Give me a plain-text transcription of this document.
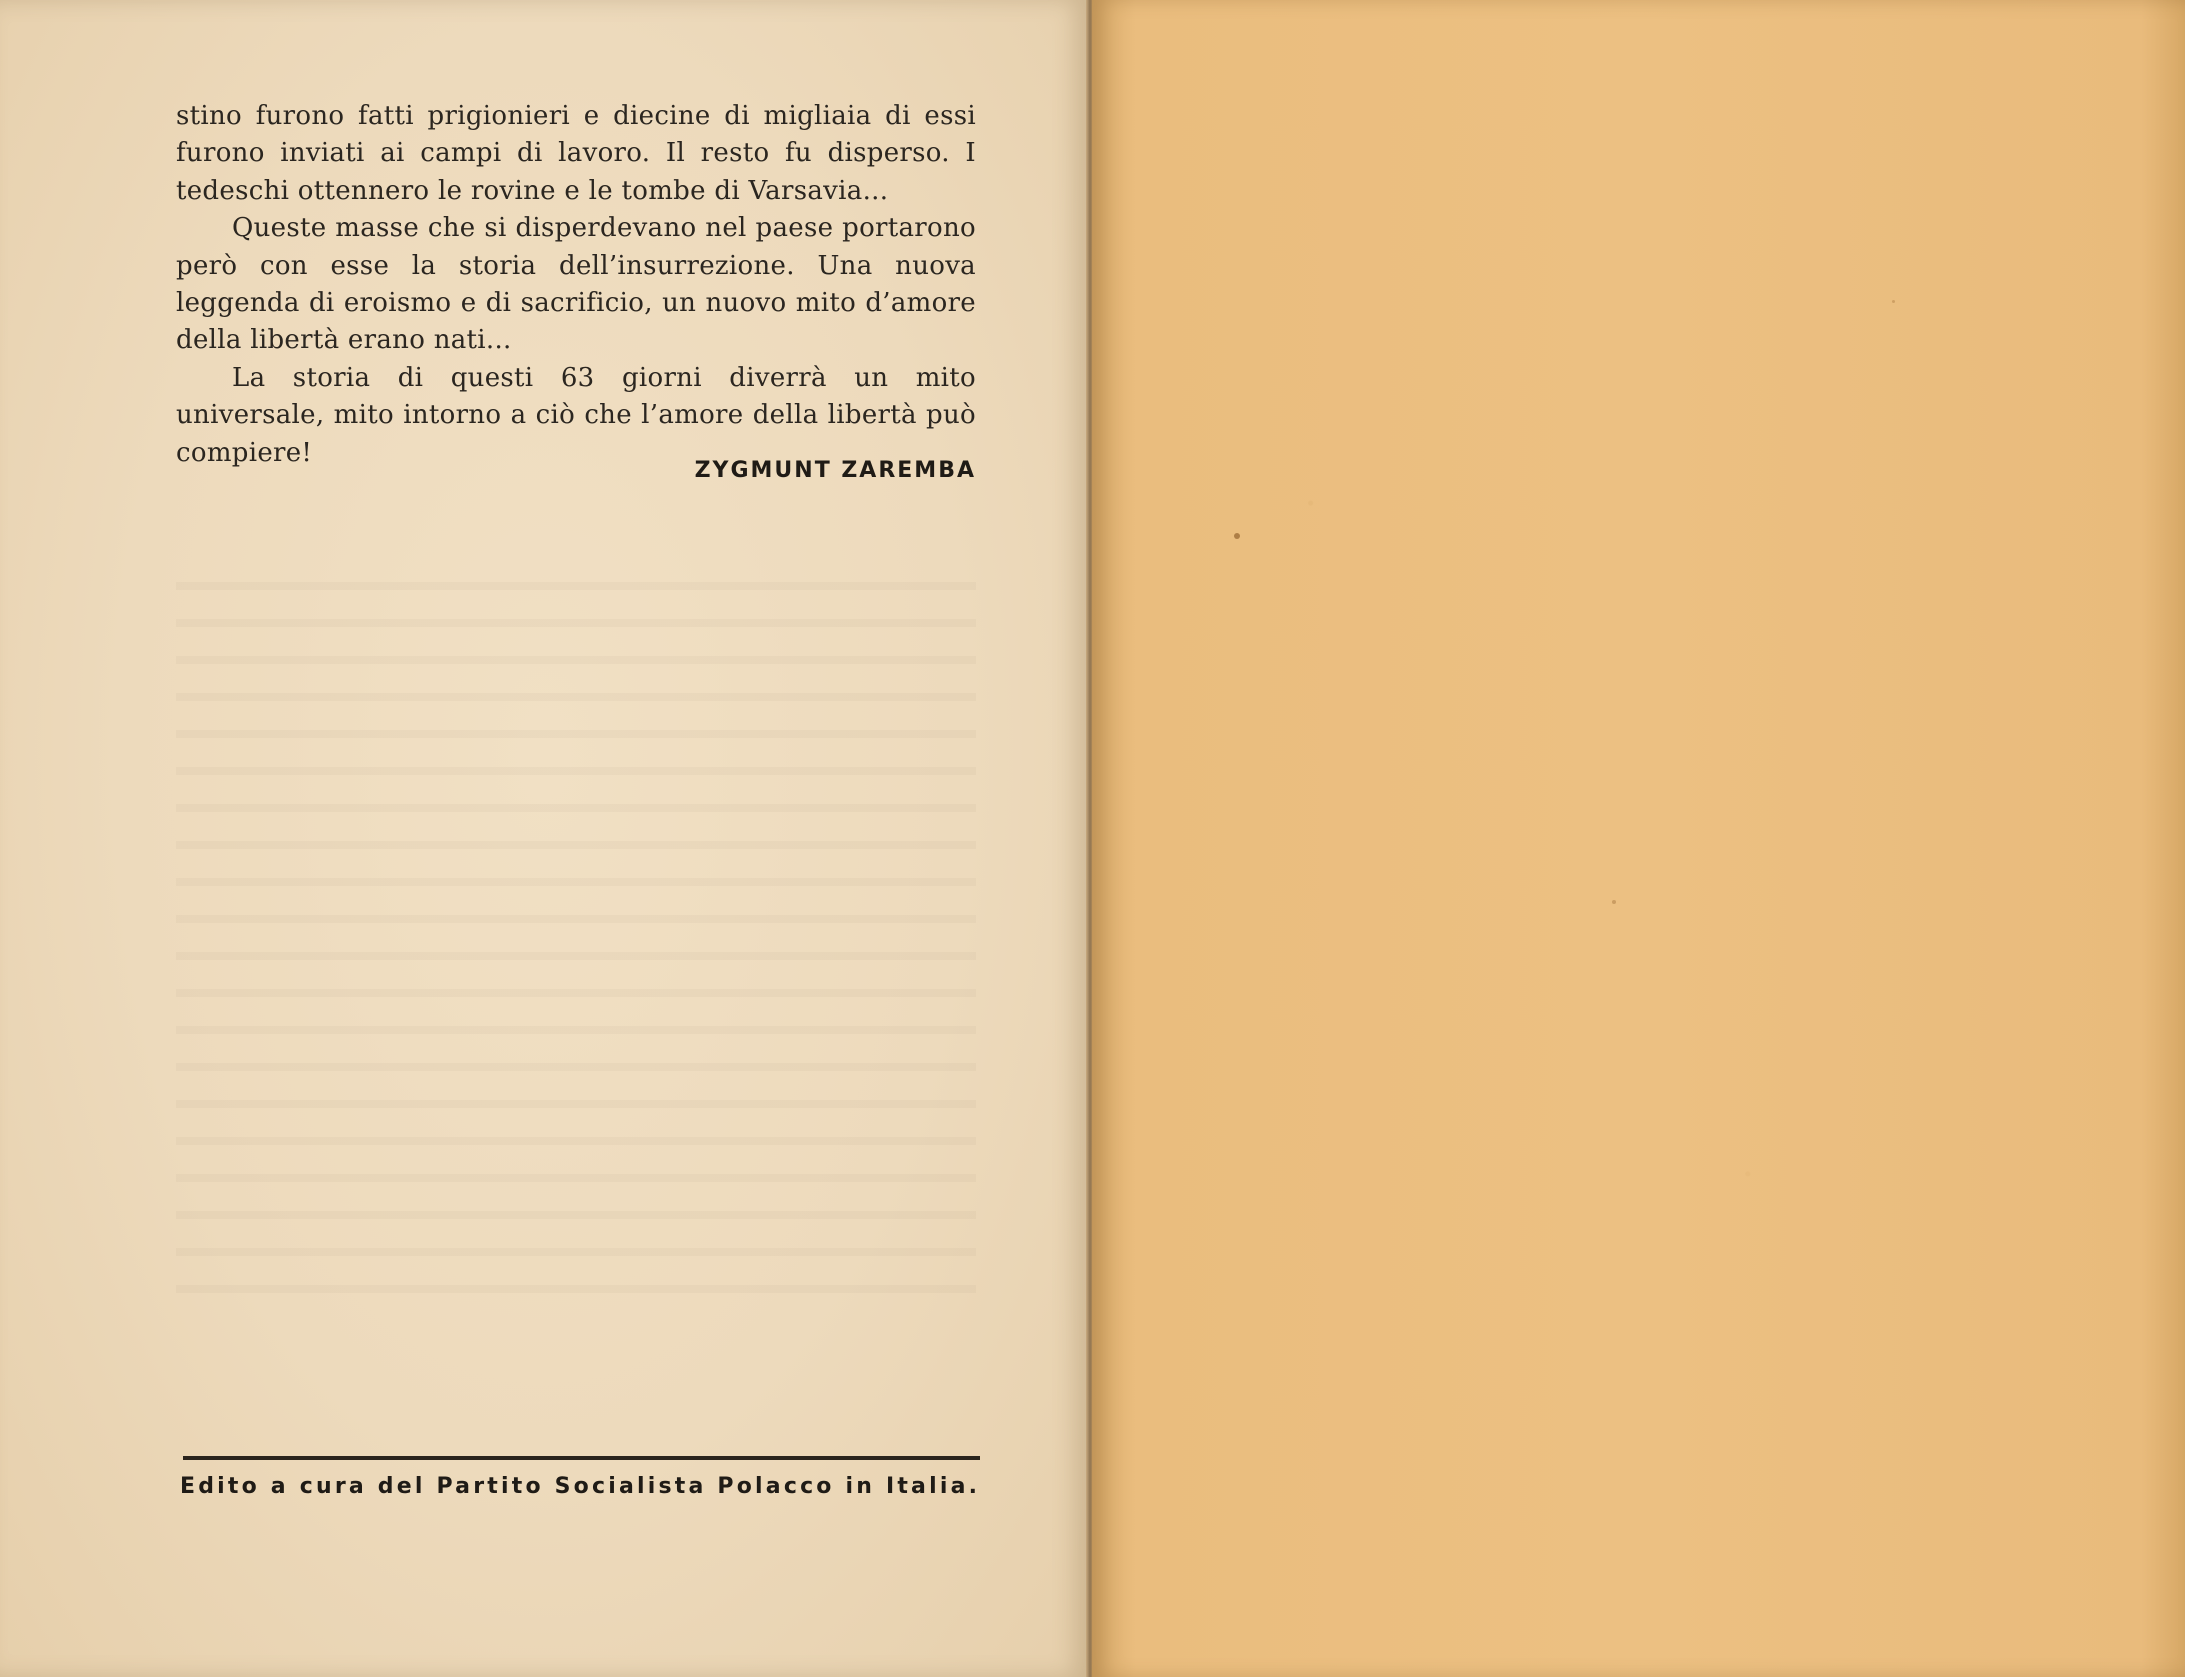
stino furono fatti prigionieri e diecine di migliaia di essi furono inviati ai campi di lavoro. Il resto fu disperso. I tedeschi ottennero le rovine e le tombe di Varsavia...

Queste masse che si disperdevano nel paese portarono però con esse la storia dell’insurrezione. Una nuova leggenda di eroismo e di sacrificio, un nuovo mito d’amore della libertà erano nati...

La storia di questi 63 giorni diverrà un mito universale, mito intorno a ciò che l’amore della libertà può compiere!

ZYGMUNT ZAREMBA
Edito a cura del Partito Socialista Polacco in Italia.
